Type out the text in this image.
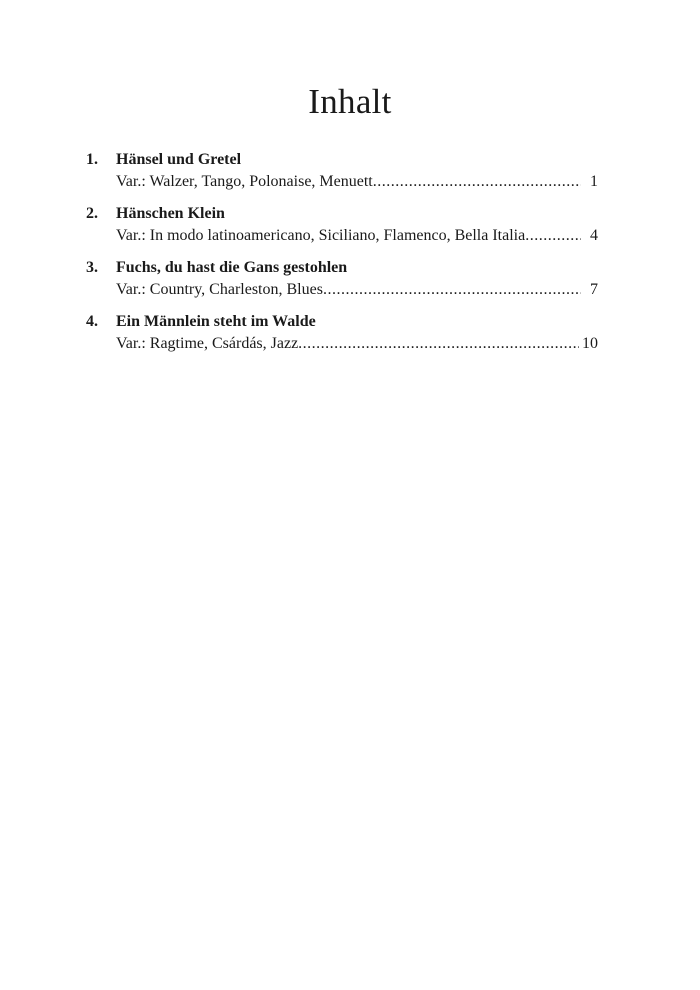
Inhalt
1.	Hänsel und Gretel
Var.: Walzer, Tango, Polonaise, Menuett .....	1
2.	Hänschen Klein
Var.: In modo latinoamericano, Siciliano, Flamenco, Bella Italia .....	4
3.	Fuchs, du hast die Gans gestohlen
Var.: Country, Charleston, Blues .....	7
4.	Ein Männlein steht im Walde
Var.: Ragtime, Csárdás, Jazz .....	10
